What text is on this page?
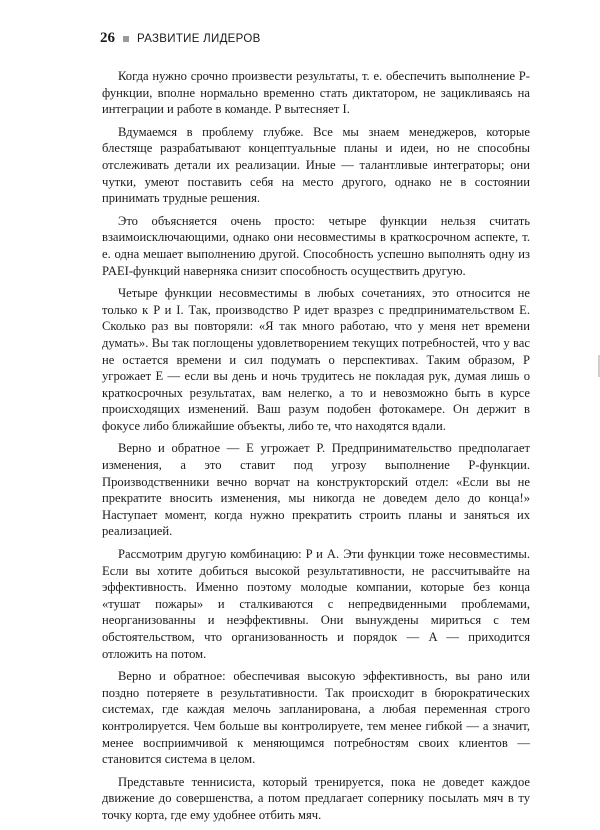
26 РАЗВИТИЕ ЛИДЕРОВ

Когда нужно срочно произвести результаты, т. е. обеспечить выполнение P-функции, вполне нормально временно стать диктатором, не зацикливаясь на интеграции и работе в команде. P вытесняет I.

Вдумаемся в проблему глубже. Все мы знаем менеджеров, которые блестяще разрабатывают концептуальные планы и идеи, но не способны отслеживать детали их реализации. Иные — талантливые интеграторы; они чутки, умеют поставить себя на место другого, однако не в состоянии принимать трудные решения.

Это объясняется очень просто: четыре функции нельзя считать взаимоисключающими, однако они несовместимы в краткосрочном аспекте, т. е. одна мешает выполнению другой. Способность успешно выполнять одну из PAEI-функций наверняка снизит способность осуществить другую.

Четыре функции несовместимы в любых сочетаниях, это относится не только к P и I. Так, производство P идет вразрез с предпринимательством E. Сколько раз вы повторяли: «Я так много работаю, что у меня нет времени думать». Вы так поглощены удовлетворением текущих потребностей, что у вас не остается времени и сил подумать о перспективах. Таким образом, P угрожает E — если вы день и ночь трудитесь не покладая рук, думая лишь о краткосрочных результатах, вам нелегко, а то и невозможно быть в курсе происходящих изменений. Ваш разум подобен фотокамере. Он держит в фокусе либо ближайшие объекты, либо те, что находятся вдали.

Верно и обратное — E угрожает P. Предпринимательство предполагает изменения, а это ставит под угрозу выполнение P-функции. Производственники вечно ворчат на конструкторский отдел: «Если вы не прекратите вносить изменения, мы никогда не доведем дело до конца!» Наступает момент, когда нужно прекратить строить планы и заняться их реализацией.

Рассмотрим другую комбинацию: P и A. Эти функции тоже несовместимы. Если вы хотите добиться высокой результативности, не рассчитывайте на эффективность. Именно поэтому молодые компании, которые без конца «тушат пожары» и сталкиваются с непредвиденными проблемами, неорганизованны и неэффективны. Они вынуждены мириться с тем обстоятельством, что организованность и порядок — A — приходится отложить на потом.

Верно и обратное: обеспечивая высокую эффективность, вы рано или поздно потеряете в результативности. Так происходит в бюрократических системах, где каждая мелочь запланирована, а любая переменная строго контролируется. Чем больше вы контролируете, тем менее гибкой — а значит, менее восприимчивой к меняющимся потребностям своих клиентов — становится система в целом.

Представьте теннисиста, который тренируется, пока не доведет каждое движение до совершенства, а потом предлагает сопернику посылать мяч в ту точку корта, где ему удобнее отбить мяч.
